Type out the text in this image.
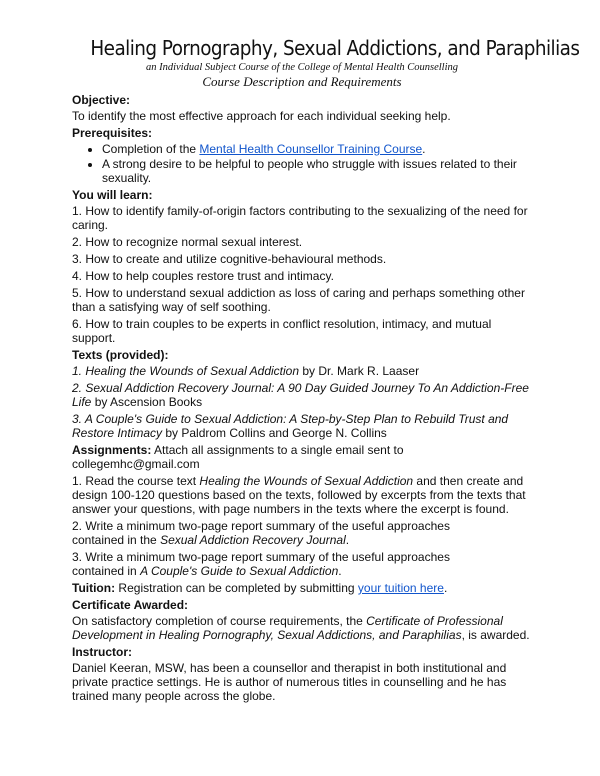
Healing Pornography, Sexual Addictions, and Paraphilias
an Individual Subject Course of the College of Mental Health Counselling
Course Description and Requirements
Objective:

To identify the most effective approach for each individual seeking help.

Prerequisites:
• Completion of the Mental Health Counsellor Training Course.
• A strong desire to be helpful to people who struggle with issues related to their sexuality.
You will learn:

1. How to identify family-of-origin factors contributing to the sexualizing of the need for caring.

2. How to recognize normal sexual interest.

3. How to create and utilize cognitive-behavioural methods.

4. How to help couples restore trust and intimacy.

5. How to understand sexual addiction as loss of caring and perhaps something other than a satisfying way of self soothing.

6. How to train couples to be experts in conflict resolution, intimacy, and mutual support.

Texts (provided):

1. Healing the Wounds of Sexual Addiction by Dr. Mark R. Laaser

2. Sexual Addiction Recovery Journal: A 90 Day Guided Journey To An Addiction-Free Life by Ascension Books

3. A Couple's Guide to Sexual Addiction: A Step-by-Step Plan to Rebuild Trust and Restore Intimacy by Paldrom Collins and George N. Collins

Assignments: Attach all assignments to a single email sent to collegemhc@gmail.com

1. Read the course text Healing the Wounds of Sexual Addiction and then create and design 100-120 questions based on the texts, followed by excerpts from the texts that answer your questions, with page numbers in the texts where the excerpt is found.

2. Write a minimum two-page report summary of the useful approaches

contained in the Sexual Addiction Recovery Journal.

3. Write a minimum two-page report summary of the useful approaches

contained in A Couple's Guide to Sexual Addiction.

Tuition: Registration can be completed by submitting your tuition here.

Certificate Awarded:

On satisfactory completion of course requirements, the Certificate of Professional Development in Healing Pornography, Sexual Addictions, and Paraphilias, is awarded.

Instructor:

Daniel Keeran, MSW, has been a counsellor and therapist in both institutional and private practice settings. He is author of numerous titles in counselling and he has trained many people across the globe.
